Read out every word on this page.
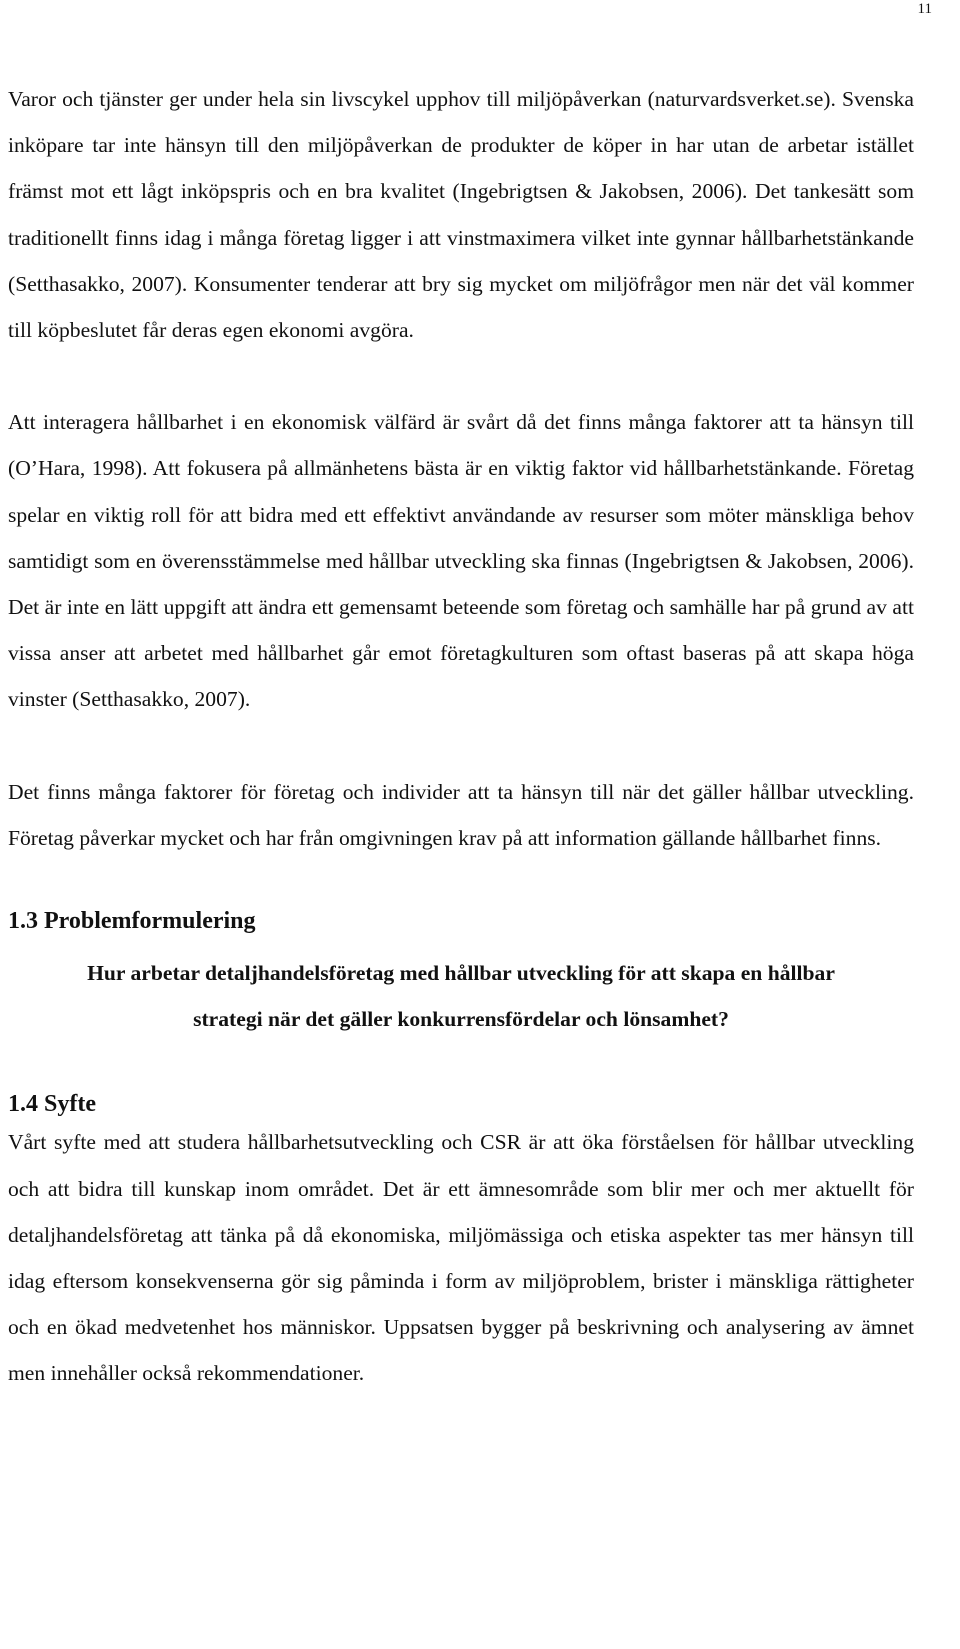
11

Varor och tjänster ger under hela sin livscykel upphov till miljöpåverkan (naturvardsverket.se). Svenska inköpare tar inte hänsyn till den miljöpåverkan de produkter de köper in har utan de arbetar istället främst mot ett lågt inköpspris och en bra kvalitet (Ingebrigtsen & Jakobsen, 2006). Det tankesätt som traditionellt finns idag i många företag ligger i att vinstmaximera vilket inte gynnar hållbarhetstänkande (Setthasakko, 2007). Konsumenter tenderar att bry sig mycket om miljöfrågor men när det väl kommer till köpbeslutet får deras egen ekonomi avgöra.

Att interagera hållbarhet i en ekonomisk välfärd är svårt då det finns många faktorer att ta hänsyn till (O’Hara, 1998). Att fokusera på allmänhetens bästa är en viktig faktor vid hållbarhetstänkande. Företag spelar en viktig roll för att bidra med ett effektivt användande av resurser som möter mänskliga behov samtidigt som en överensstämmelse med hållbar utveckling ska finnas (Ingebrigtsen & Jakobsen, 2006). Det är inte en lätt uppgift att ändra ett gemensamt beteende som företag och samhälle har på grund av att vissa anser att arbetet med hållbarhet går emot företagkulturen som oftast baseras på att skapa höga vinster (Setthasakko, 2007).

Det finns många faktorer för företag och individer att ta hänsyn till när det gäller hållbar utveckling. Företag påverkar mycket och har från omgivningen krav på att information gällande hållbarhet finns.

1.3 Problemformulering
Hur arbetar detaljhandelsföretag med hållbar utveckling för att skapa en hållbar
strategi när det gäller konkurrensfördelar och lönsamhet?
1.4 Syfte

Vårt syfte med att studera hållbarhetsutveckling och CSR är att öka förståelsen för hållbar utveckling och att bidra till kunskap inom området. Det är ett ämnesområde som blir mer och mer aktuellt för detaljhandelsföretag att tänka på då ekonomiska, miljömässiga och etiska aspekter tas mer hänsyn till idag eftersom konsekvenserna gör sig påminda i form av miljöproblem, brister i mänskliga rättigheter och en ökad medvetenhet hos människor. Uppsatsen bygger på beskrivning och analysering av ämnet men innehåller också rekommendationer.
